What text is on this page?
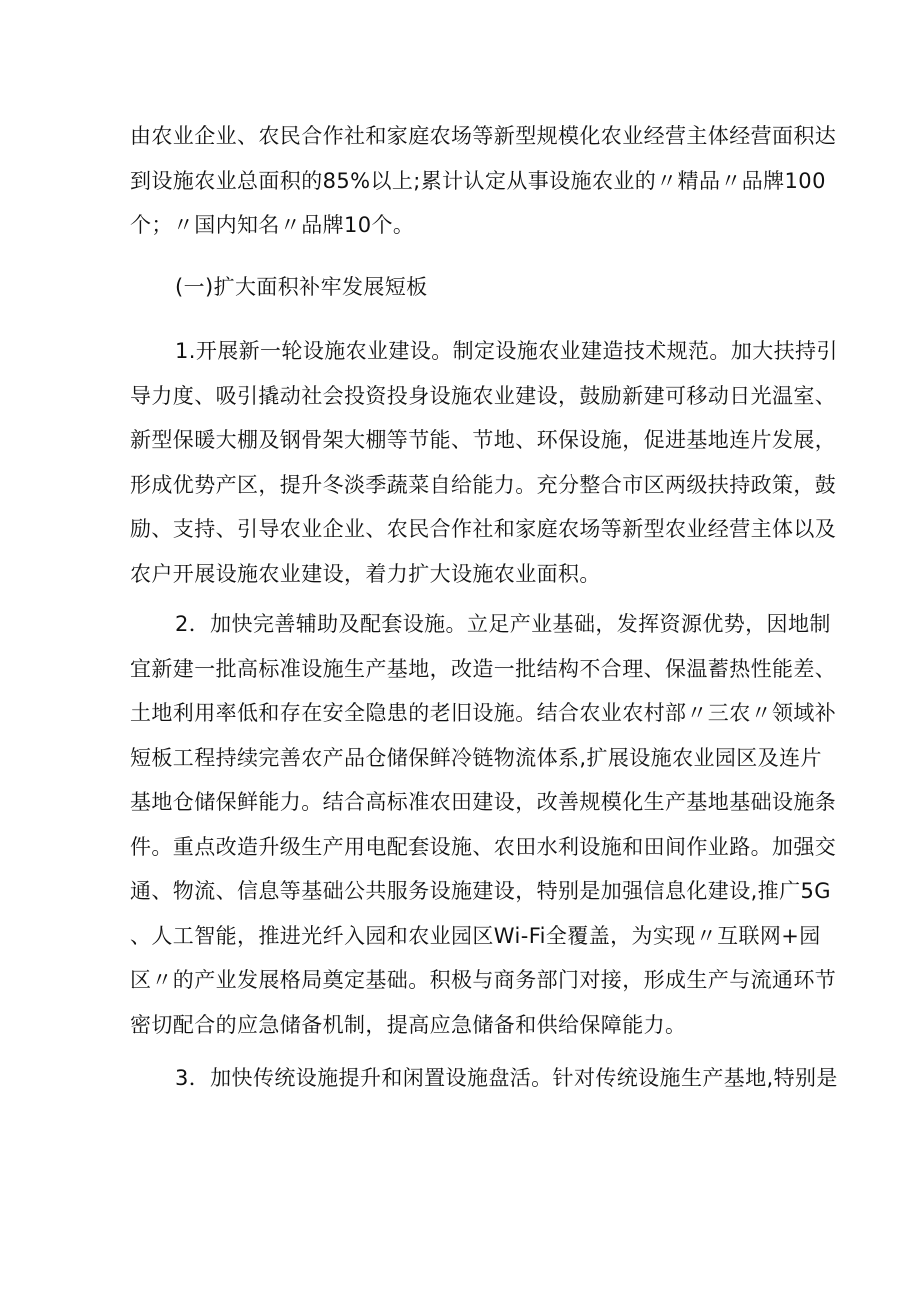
由农业企业、农民合作社和家庭农场等新型规模化农业经营主体经营面积达
到设施农业总面积的85%以上;累计认定从事设施农业的〃精品〃品牌100
个；〃国内知名〃品牌10个。
(一)扩大面积补牢发展短板
1.开展新一轮设施农业建设。制定设施农业建造技术规范。加大扶持引
导力度、吸引撬动社会投资投身设施农业建设，鼓励新建可移动日光温室、
新型保暖大棚及钢骨架大棚等节能、节地、环保设施，促进基地连片发展，
形成优势产区，提升冬淡季蔬菜自给能力。充分整合市区两级扶持政策，鼓
励、支持、引导农业企业、农民合作社和家庭农场等新型农业经营主体以及
农户开展设施农业建设，着力扩大设施农业面积。
2．加快完善辅助及配套设施。立足产业基础，发挥资源优势，因地制
宜新建一批高标准设施生产基地，改造一批结构不合理、保温蓄热性能差、
土地利用率低和存在安全隐患的老旧设施。结合农业农村部〃三农〃领域补
短板工程持续完善农产品仓储保鲜冷链物流体系,扩展设施农业园区及连片
基地仓储保鲜能力。结合高标准农田建设，改善规模化生产基地基础设施条
件。重点改造升级生产用电配套设施、农田水利设施和田间作业路。加强交
通、物流、信息等基础公共服务设施建设，特别是加强信息化建设,推广5G
、人工智能，推进光纤入园和农业园区Wi-Fi全覆盖，为实现〃互联网+园
区〃的产业发展格局奠定基础。积极与商务部门对接，形成生产与流通环节
密切配合的应急储备机制，提高应急储备和供给保障能力。
3．加快传统设施提升和闲置设施盘活。针对传统设施生产基地,特别是
